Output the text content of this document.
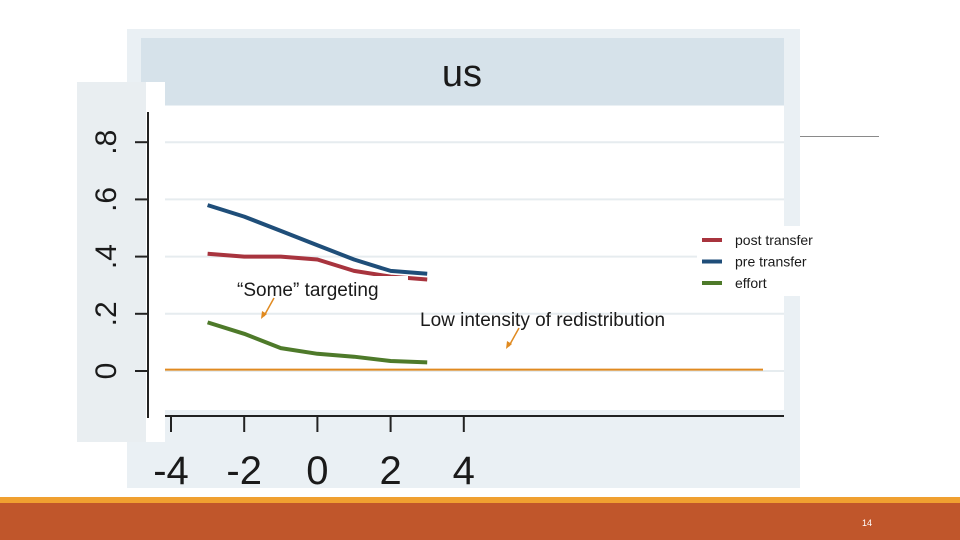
us
0
.2
.4
.6
.8
-4 -2 0 2 4
post transfer
pre transfer
effort
“Some” targeting
Low intensity of redistribution
14
